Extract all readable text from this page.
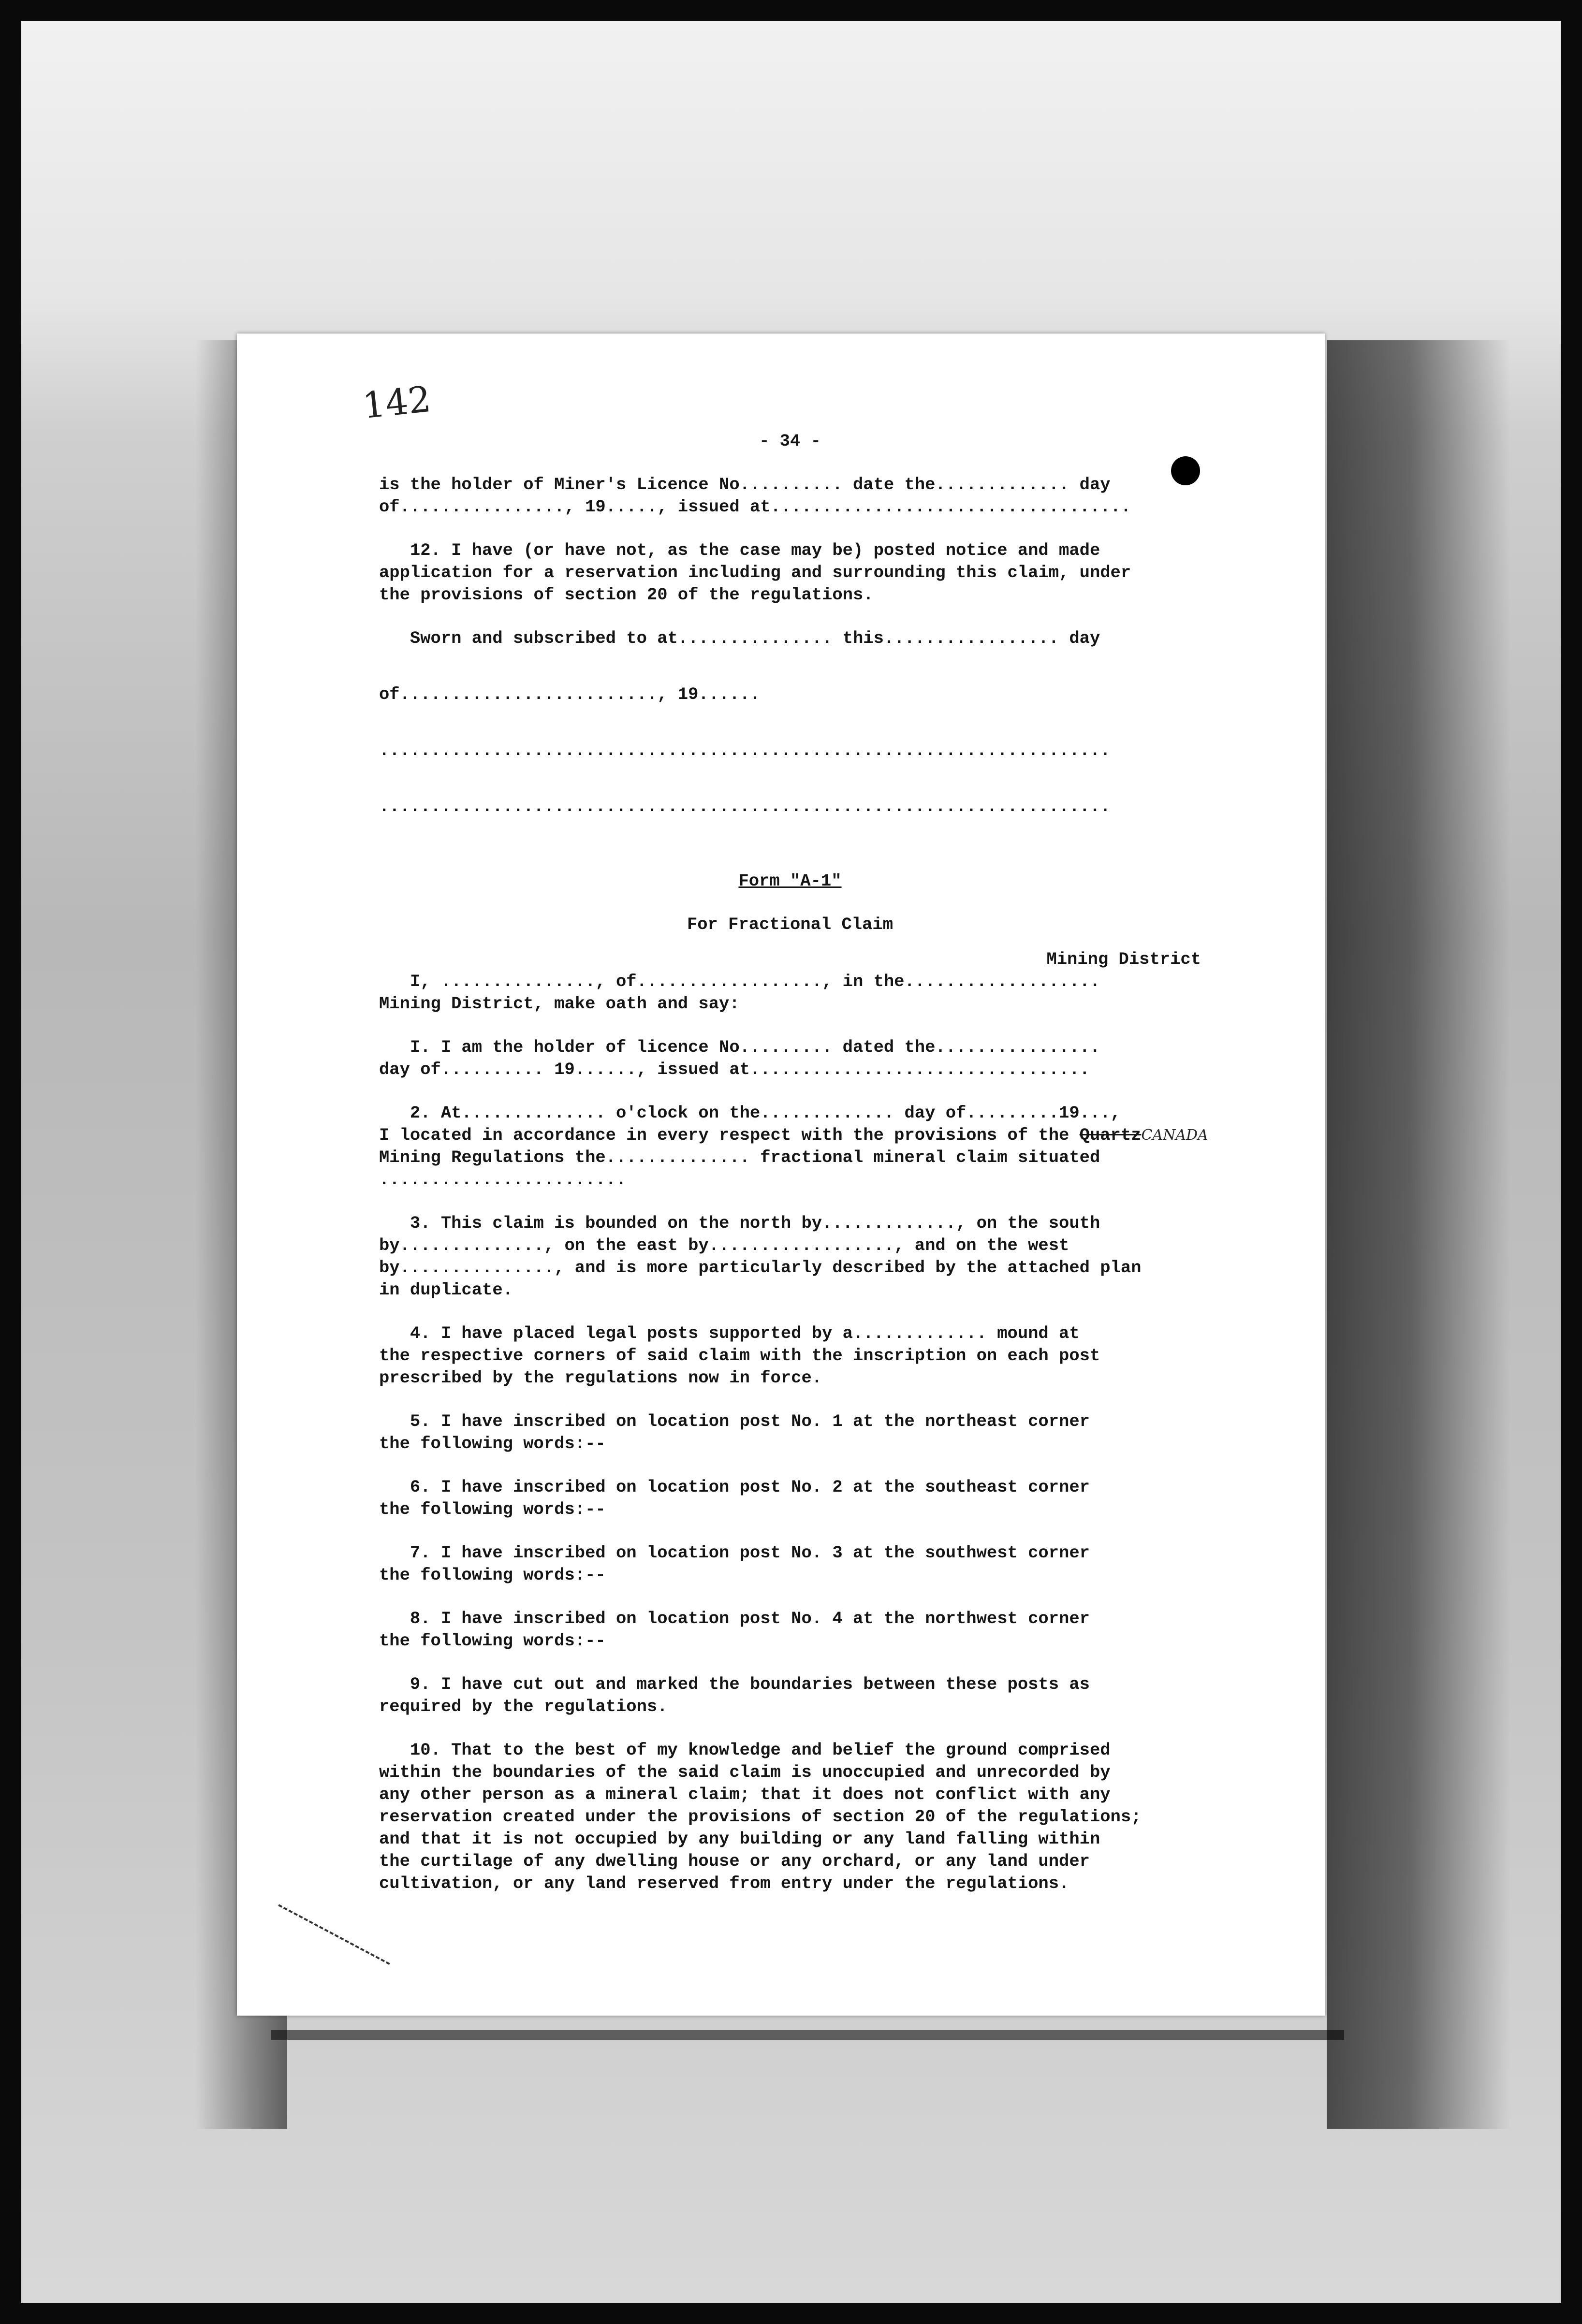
142
- 34 -
is the holder of Miner's Licence No.......... date the............. day
of................, 19....., issued at...................................
12. I have (or have not, as the case may be) posted notice and made
application for a reservation including and surrounding this claim, under
the provisions of section 20 of the regulations.
Sworn and subscribed to at............... this................. day
of........................., 19......
.......................................................................
.......................................................................
Form "A-1"
For Fractional Claim
Mining District
I, ..............., of.................., in the...................
Mining District, make oath and say:
I. I am the holder of licence No......... dated the................
day of.......... 19......, issued at.................................
2. At.............. o'clock on the............. day of.........19...,
I located in accordance in every respect with the provisions of the QuartzCANADA
Mining Regulations the.............. fractional mineral claim situated
........................
3. This claim is bounded on the north by............., on the south
by.............., on the east by.................., and on the west
by..............., and is more particularly described by the attached plan
in duplicate.
4. I have placed legal posts supported by a............. mound at
the respective corners of said claim with the inscription on each post
prescribed by the regulations now in force.
5. I have inscribed on location post No. 1 at the northeast corner
the following words:--
6. I have inscribed on location post No. 2 at the southeast corner
the following words:--
7. I have inscribed on location post No. 3 at the southwest corner
the following words:--
8. I have inscribed on location post No. 4 at the northwest corner
the following words:--
9. I have cut out and marked the boundaries between these posts as
required by the regulations.
10. That to the best of my knowledge and belief the ground comprised
within the boundaries of the said claim is unoccupied and unrecorded by
any other person as a mineral claim; that it does not conflict with any
reservation created under the provisions of section 20 of the regulations;
and that it is not occupied by any building or any land falling within
the curtilage of any dwelling house or any orchard, or any land under
cultivation, or any land reserved from entry under the regulations.
